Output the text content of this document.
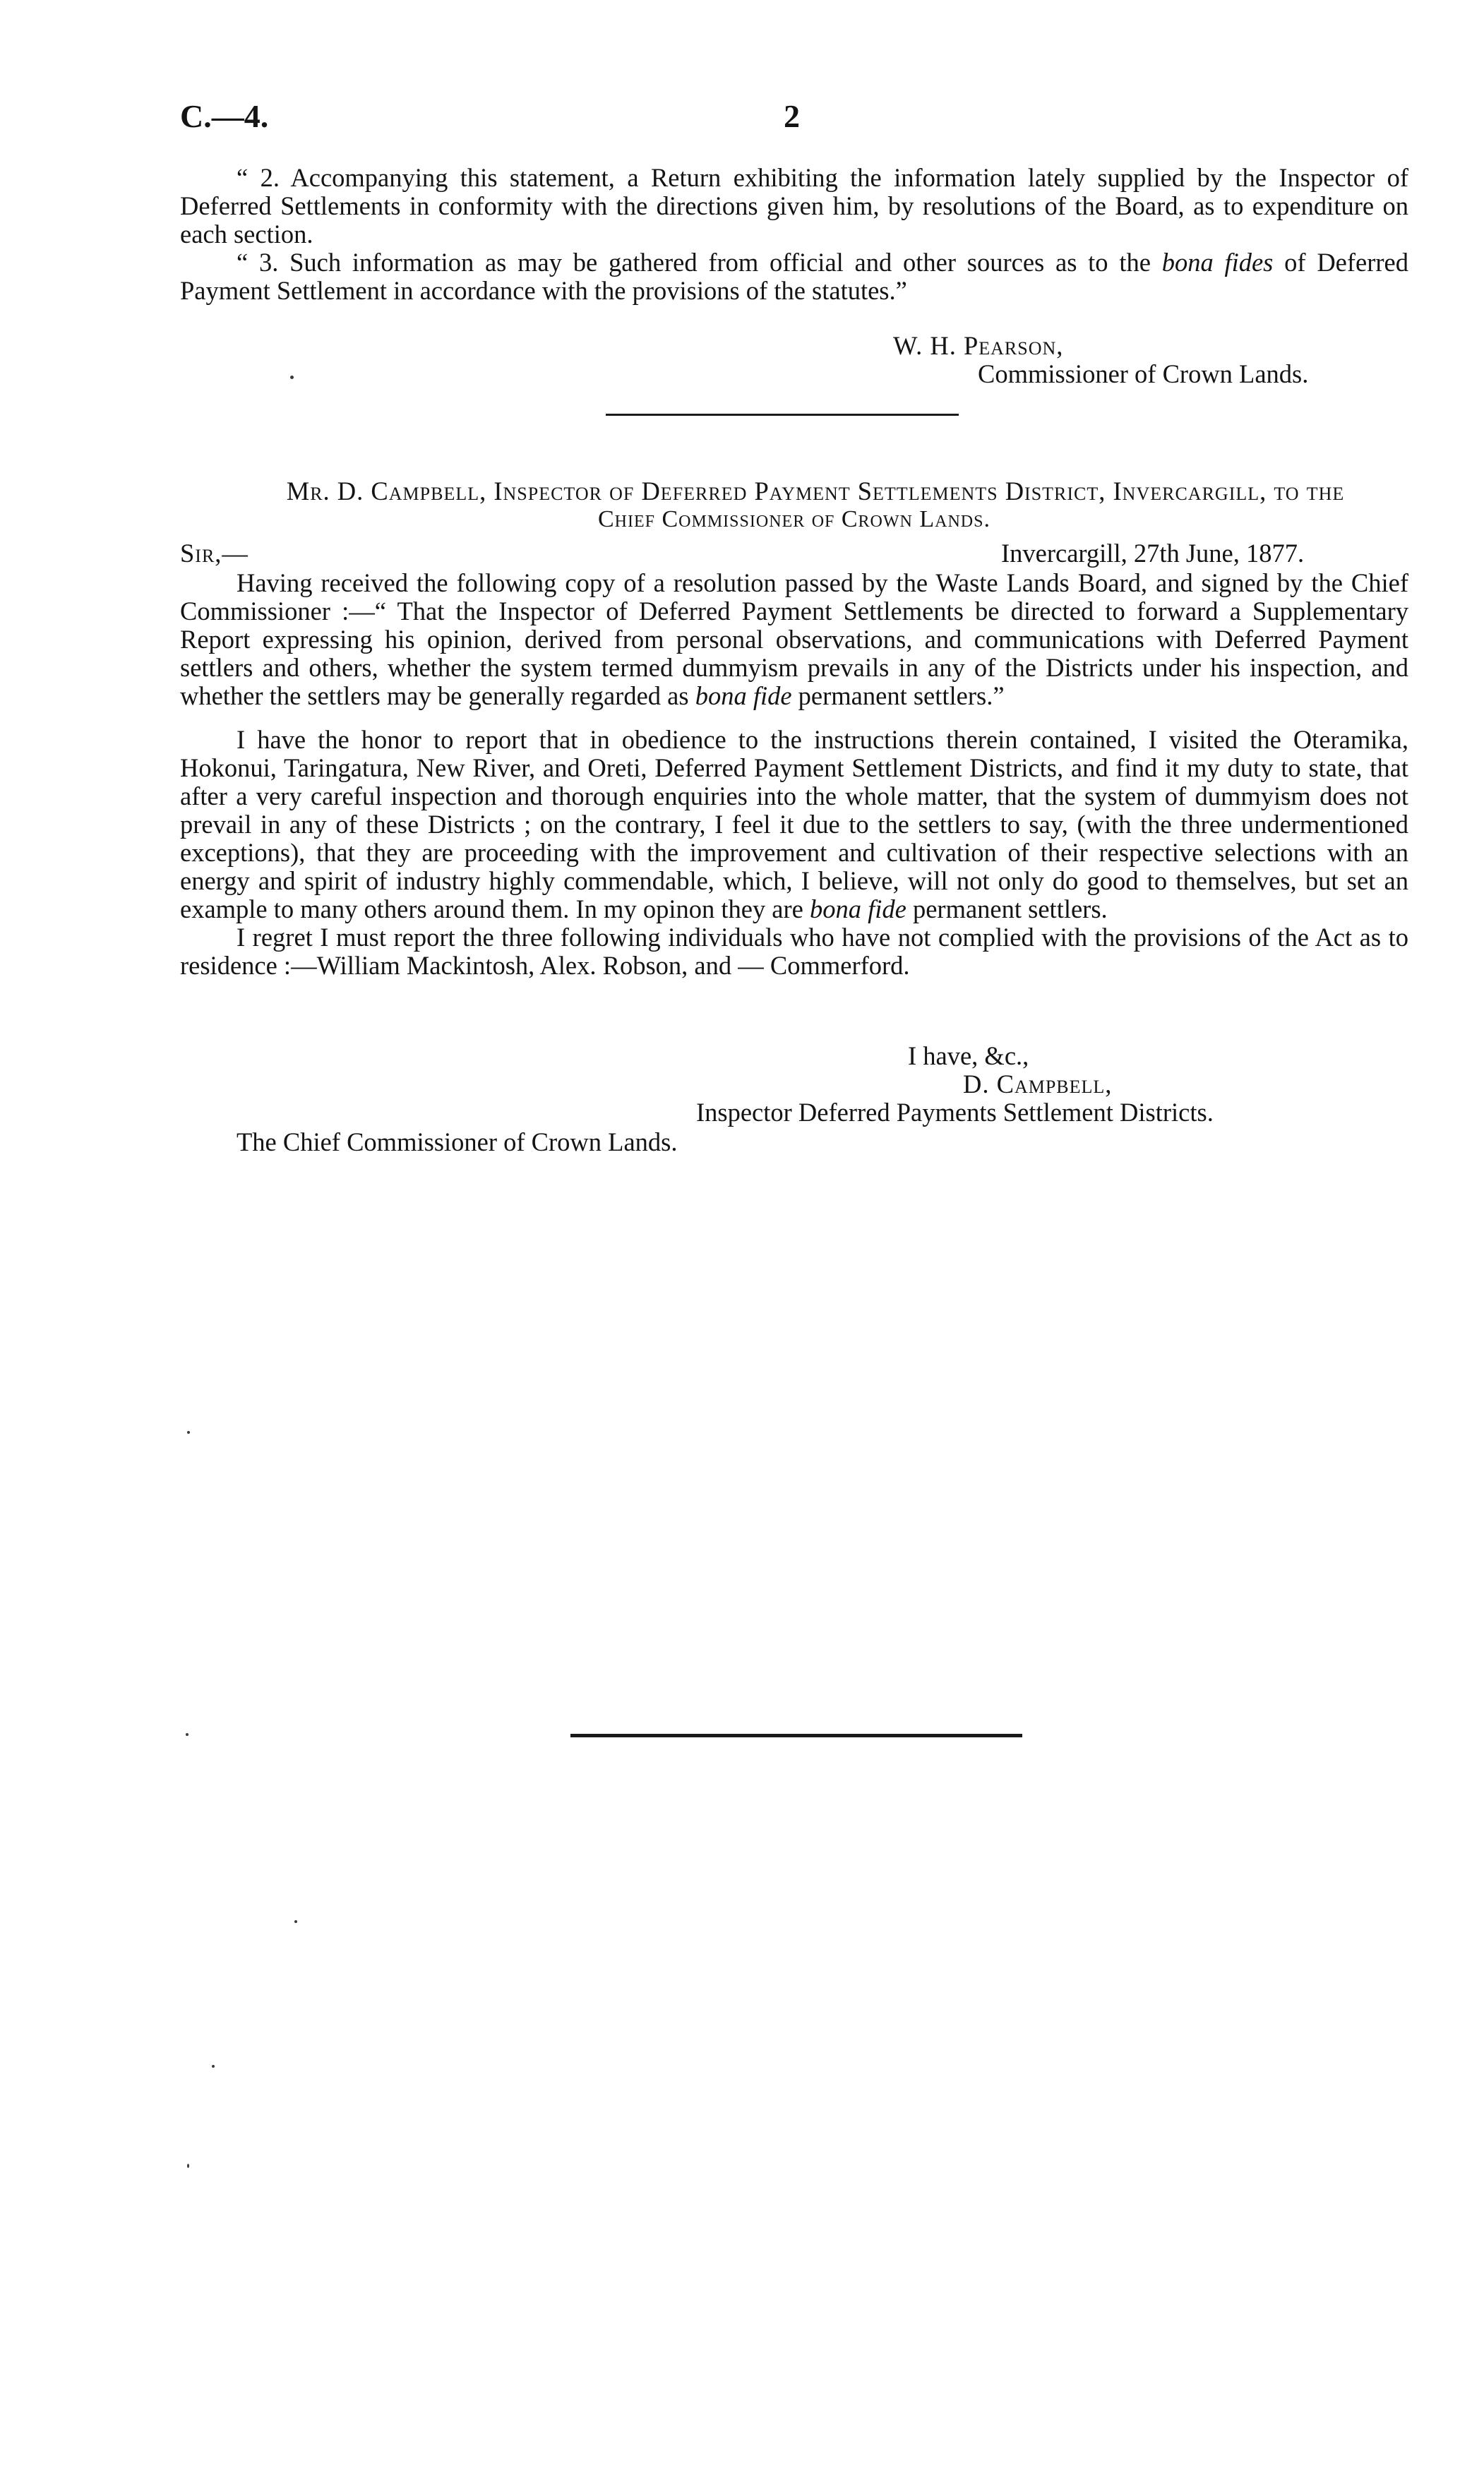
C.—4.	2

“ 2. Accompanying this statement, a Return exhibiting the information lately supplied by the Inspector of Deferred Settlements in conformity with the directions given him, by resolutions of the Board, as to expenditure on each section.

“ 3. Such information as may be gathered from official and other sources as to the bona fides of Deferred Payment Settlement in accordance with the provisions of the statutes.”

W. H. Pearson,
Commissioner of Crown Lands.
Mr. D. Campbell, Inspector of Deferred Payment Settlements District, Invercargill, to the
Chief Commissioner of Crown Lands.
Sir,—	Invercargill, 27th June, 1877.

Having received the following copy of a resolution passed by the Waste Lands Board, and signed by the Chief Commissioner :—“ That the Inspector of Deferred Payment Settlements be directed to forward a Supplementary Report expressing his opinion, derived from personal observations, and communications with Deferred Payment settlers and others, whether the system termed dummyism prevails in any of the Districts under his inspection, and whether the settlers may be generally regarded as bona fide permanent settlers.”

I have the honor to report that in obedience to the instructions therein contained, I visited the Oteramika, Hokonui, Taringatura, New River, and Oreti, Deferred Payment Settlement Districts, and find it my duty to state, that after a very careful inspection and thorough enquiries into the whole matter, that the system of dummyism does not prevail in any of these Districts ; on the contrary, I feel it due to the settlers to say, (with the three undermentioned exceptions), that they are proceeding with the improvement and cultivation of their respective selections with an energy and spirit of industry highly commendable, which, I believe, will not only do good to themselves, but set an example to many others around them. In my opinon they are bona fide permanent settlers.

I regret I must report the three following individuals who have not complied with the provisions of the Act as to residence :—William Mackintosh, Alex. Robson, and — Commerford.

I have, &c.,
D. Campbell,
Inspector Deferred Payments Settlement Districts.
The Chief Commissioner of Crown Lands.
